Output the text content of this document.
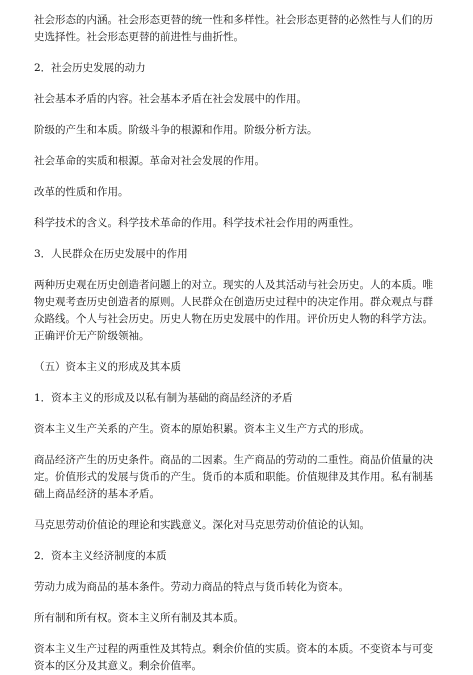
社会形态的内涵。社会形态更替的统一性和多样性。社会形态更替的必然性与人们的历史选择性。社会形态更替的前进性与曲折性。

2．社会历史发展的动力

社会基本矛盾的内容。社会基本矛盾在社会发展中的作用。

阶级的产生和本质。阶级斗争的根源和作用。阶级分析方法。

社会革命的实质和根源。革命对社会发展的作用。

改革的性质和作用。

科学技术的含义。科学技术革命的作用。科学技术社会作用的两重性。

3．人民群众在历史发展中的作用

两种历史观在历史创造者问题上的对立。现实的人及其活动与社会历史。人的本质。唯物史观考查历史创造者的原则。人民群众在创造历史过程中的决定作用。群众观点与群众路线。个人与社会历史。历史人物在历史发展中的作用。评价历史人物的科学方法。正确评价无产阶级领袖。

（五）资本主义的形成及其本质

1．资本主义的形成及以私有制为基础的商品经济的矛盾

资本主义生产关系的产生。资本的原始积累。资本主义生产方式的形成。

商品经济产生的历史条件。商品的二因素。生产商品的劳动的二重性。商品价值量的决定。价值形式的发展与货币的产生。货币的本质和职能。价值规律及其作用。私有制基础上商品经济的基本矛盾。

马克思劳动价值论的理论和实践意义。深化对马克思劳动价值论的认知。

2．资本主义经济制度的本质

劳动力成为商品的基本条件。劳动力商品的特点与货币转化为资本。

所有制和所有权。资本主义所有制及其本质。

资本主义生产过程的两重性及其特点。剩余价值的实质。资本的本质。不变资本与可变资本的区分及其意义。剩余价值率。
